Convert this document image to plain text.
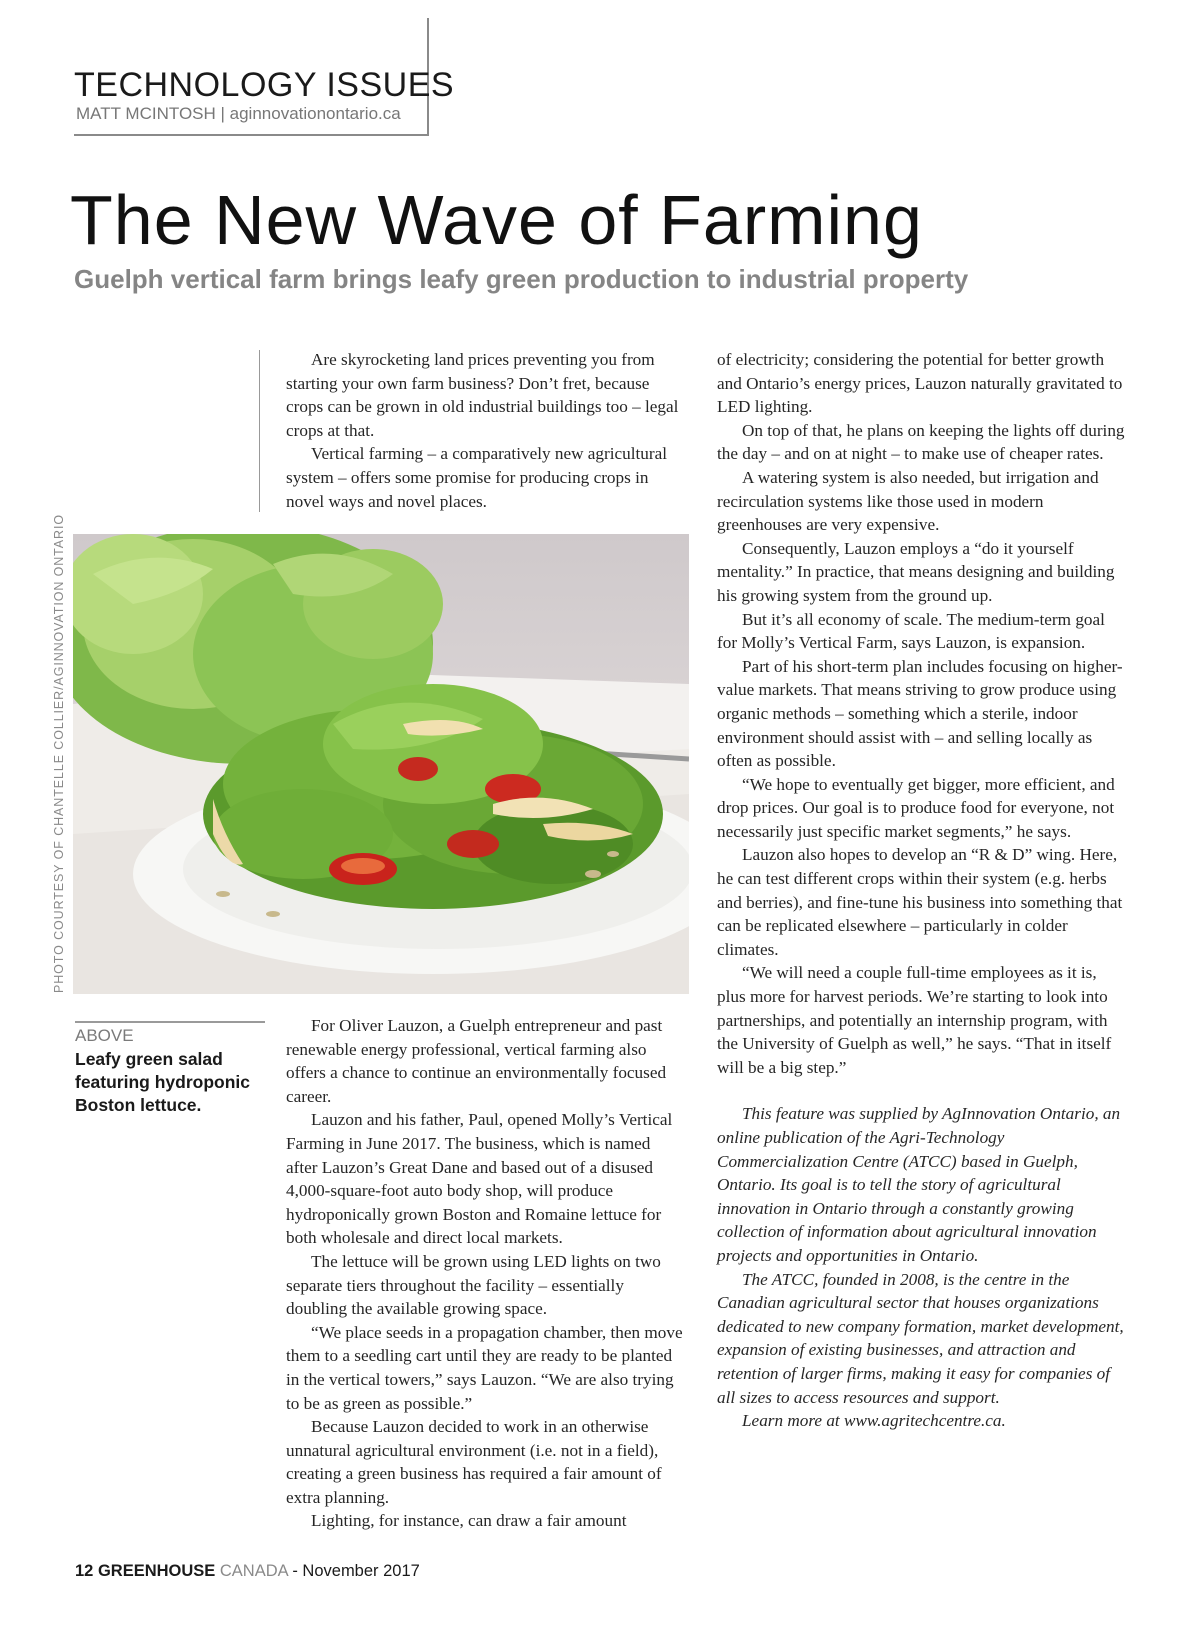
TECHNOLOGY ISSUES
MATT MCINTOSH | aginnovationontario.ca
The New Wave of Farming
Guelph vertical farm brings leafy green production to industrial property

Are skyrocketing land prices preventing you from starting your own farm business? Don’t fret, because crops can be grown in old industrial buildings too – legal crops at that.

Vertical farming – a comparatively new agricultural system – offers some promise for producing crops in novel ways and novel places.

PHOTO COURTESY OF CHANTELLE COLLIER/AGINNOVATION ONTARIO
ABOVE
Leafy green salad featuring hydroponic Boston lettuce.

For Oliver Lauzon, a Guelph entrepreneur and past renewable energy professional, vertical farming also offers a chance to continue an environmentally focused career.

Lauzon and his father, Paul, opened Molly’s Vertical Farming in June 2017. The business, which is named after Lauzon’s Great Dane and based out of a disused 4,000-square-foot auto body shop, will produce hydroponically grown Boston and Romaine lettuce for both wholesale and direct local markets.

The lettuce will be grown using LED lights on two separate tiers throughout the facility – essentially doubling the available growing space.

“We place seeds in a propagation chamber, then move them to a seedling cart until they are ready to be planted in the vertical towers,” says Lauzon. “We are also trying to be as green as possible.”

Because Lauzon decided to work in an otherwise unnatural agricultural environment (i.e. not in a field), creating a green business has required a fair amount of extra planning.

Lighting, for instance, can draw a fair amount

of electricity; considering the potential for better growth and Ontario’s energy prices, Lauzon naturally gravitated to LED lighting.

On top of that, he plans on keeping the lights off during the day – and on at night – to make use of cheaper rates.

A watering system is also needed, but irrigation and recirculation systems like those used in modern greenhouses are very expensive.

Consequently, Lauzon employs a “do it yourself mentality.” In practice, that means designing and building his growing system from the ground up.

But it’s all economy of scale. The medium-term goal for Molly’s Vertical Farm, says Lauzon, is expansion.

Part of his short-term plan includes focusing on higher-value markets. That means striving to grow produce using organic methods – something which a sterile, indoor environment should assist with – and selling locally as often as possible.

“We hope to eventually get bigger, more efficient, and drop prices. Our goal is to produce food for everyone, not necessarily just specific market segments,” he says.

Lauzon also hopes to develop an “R & D” wing. Here, he can test different crops within their system (e.g. herbs and berries), and fine-tune his business into something that can be replicated elsewhere – particularly in colder climates.

“We will need a couple full-time employees as it is, plus more for harvest periods. We’re starting to look into partnerships, and potentially an internship program, with the University of Guelph as well,” he says. “That in itself will be a big step.”

This feature was supplied by AgInnovation Ontario, an online publication of the Agri-Technology Commercialization Centre (ATCC) based in Guelph, Ontario. Its goal is to tell the story of agricultural innovation in Ontario through a constantly growing collection of information about agricultural innovation projects and opportunities in Ontario.

The ATCC, founded in 2008, is the centre in the Canadian agricultural sector that houses organizations dedicated to new company formation, market development, expansion of existing businesses, and attraction and retention of larger firms, making it easy for companies of all sizes to access resources and support.

Learn more at www.agritechcentre.ca.

12 GREENHOUSE CANADA - November 2017
